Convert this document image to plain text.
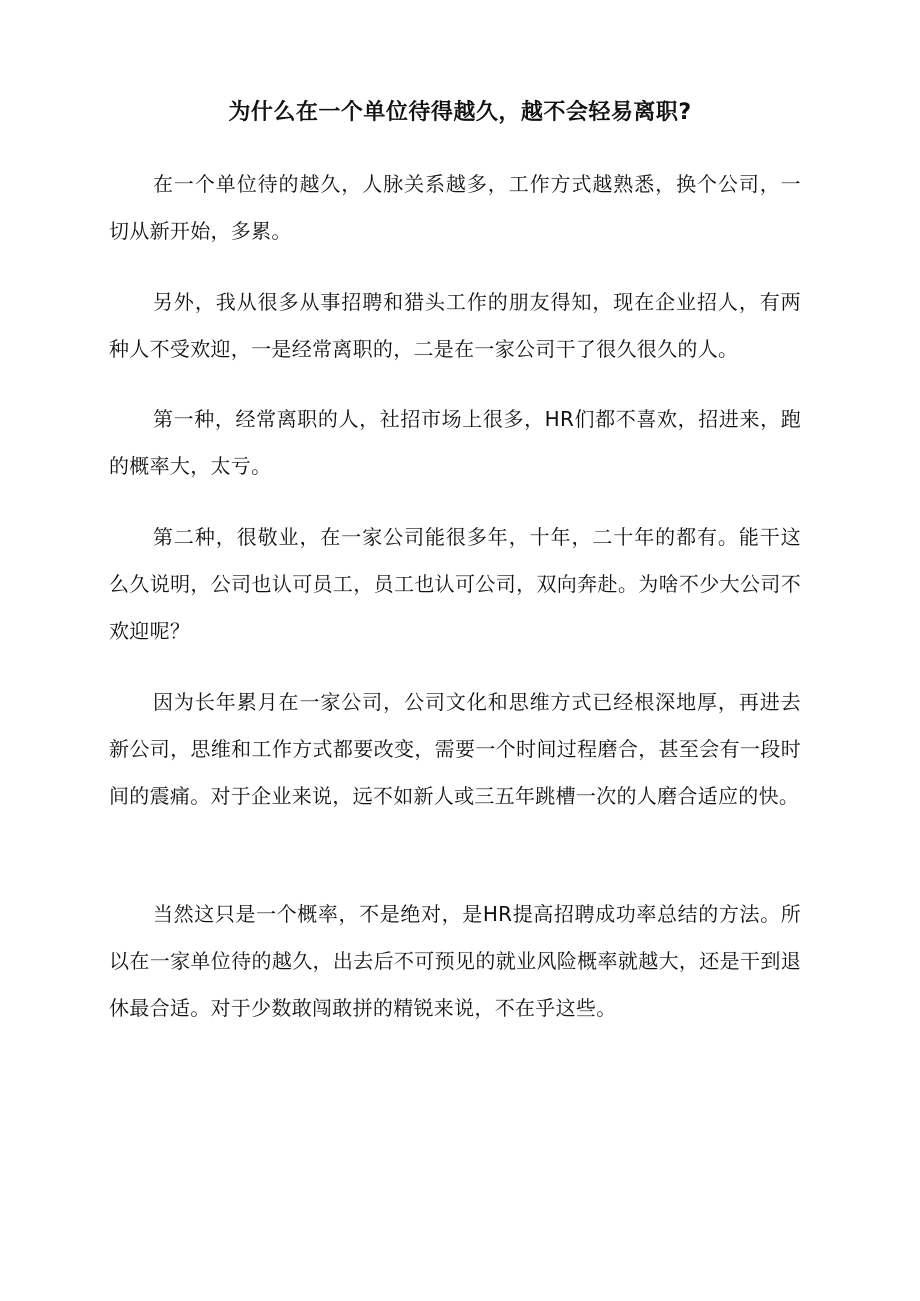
为什么在一个单位待得越久，越不会轻易离职?

在一个单位待的越久，人脉关系越多，工作方式越熟悉，换个公司，一切从新开始，多累。

另外，我从很多从事招聘和猎头工作的朋友得知，现在企业招人，有两种人不受欢迎，一是经常离职的，二是在一家公司干了很久很久的人。

第一种，经常离职的人，社招市场上很多，HR们都不喜欢，招进来，跑的概率大，太亏。

第二种，很敬业，在一家公司能很多年，十年，二十年的都有。能干这么久说明，公司也认可员工，员工也认可公司，双向奔赴。为啥不少大公司不欢迎呢？

因为长年累月在一家公司，公司文化和思维方式已经根深地厚，再进去新公司，思维和工作方式都要改变，需要一个时间过程磨合，甚至会有一段时间的震痛。对于企业来说，远不如新人或三五年跳槽一次的人磨合适应的快。

当然这只是一个概率，不是绝对，是HR提高招聘成功率总结的方法。所以在一家单位待的越久，出去后不可预见的就业风险概率就越大，还是干到退休最合适。对于少数敢闯敢拼的精锐来说，不在乎这些。
